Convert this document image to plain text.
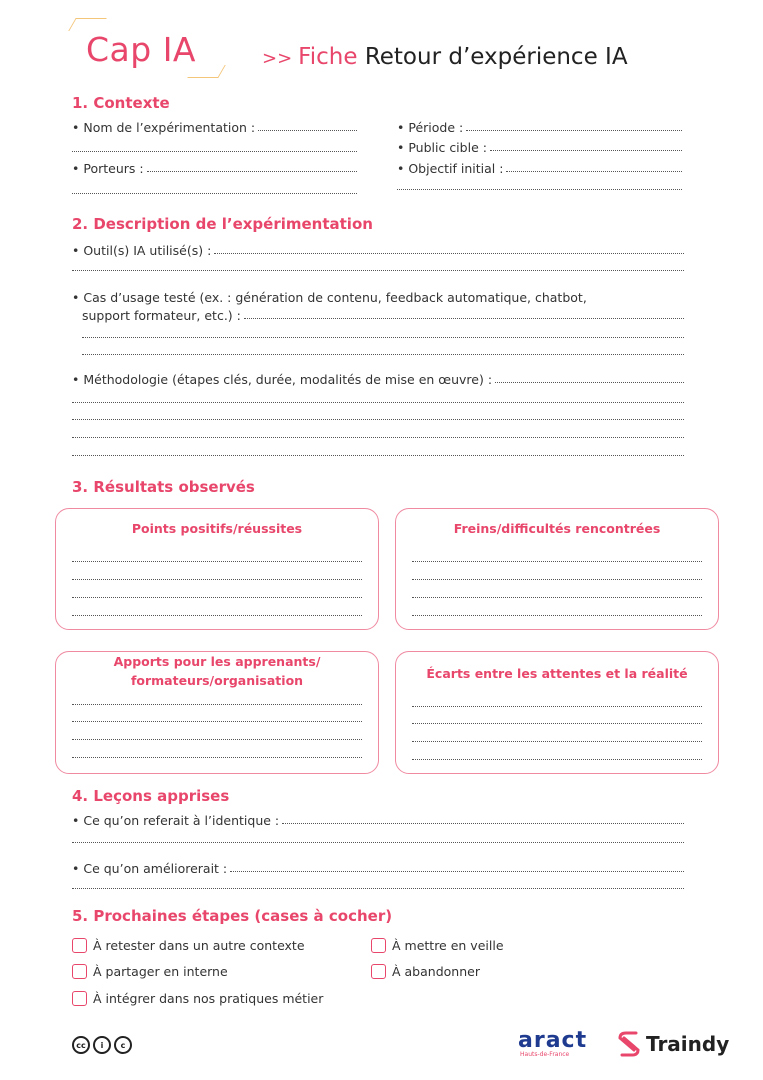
Cap IA	>> Fiche Retour d’expérience IA
1. Contexte
• Nom de l’expérimentation :
• Porteurs :
• Période :
• Public cible :
• Objectif initial :
2. Description de l’expérimentation
• Outil(s) IA utilisé(s) :
• Cas d’usage testé (ex. : génération de contenu, feedback automatique, chatbot,
support formateur, etc.) :
• Méthodologie (étapes clés, durée, modalités de mise en œuvre) :
3. Résultats observés
Points positifs/réussites	Freins/difficultés rencontrées
Apports pour les apprenants/
formateurs/organisation	Écarts entre les attentes et la réalité
4. Leçons apprises
• Ce qu’on referait à l’identique :
• Ce qu’on améliorerait :
5. Prochaines étapes (cases à cocher)
À retester dans un autre contexte	À mettre en veille
À partager en interne	À abandonner
À intégrer dans nos pratiques métier
cc	i	c	aract
Hauts-de-France	Traindy
